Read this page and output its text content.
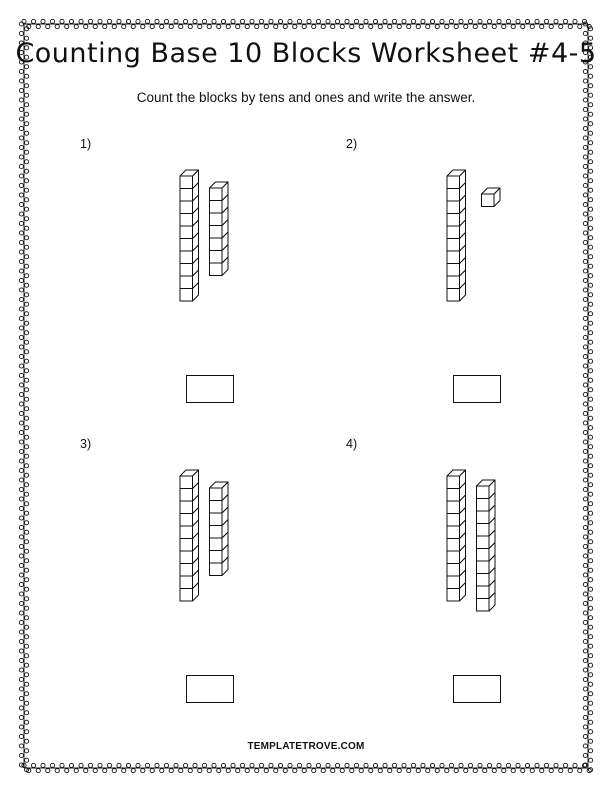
Counting Base 10 Blocks Worksheet #4-5
Count the blocks by tens and ones and write the answer.
1)	2)
3)	4)
TEMPLATETROVE.COM
